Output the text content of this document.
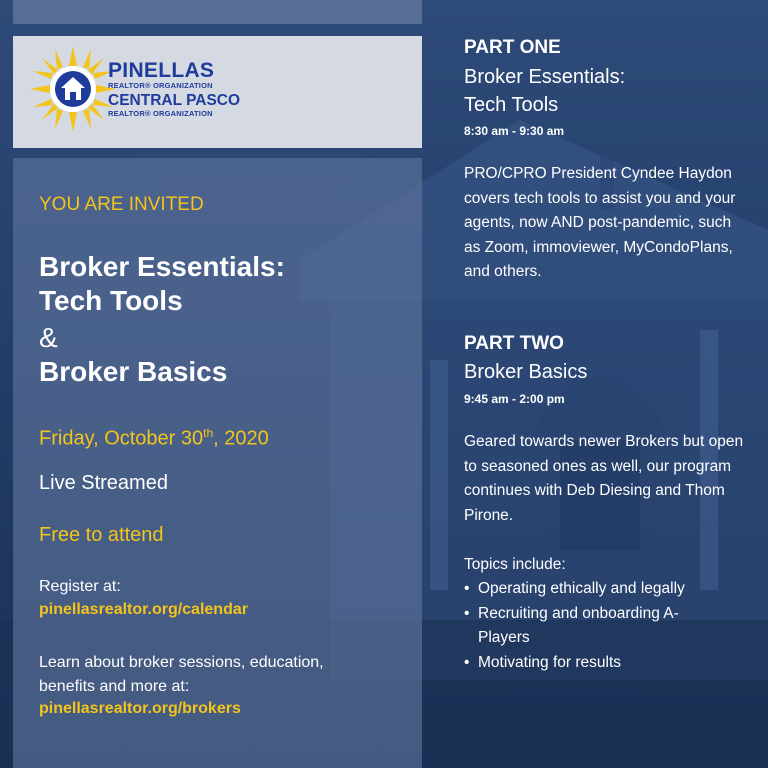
PINELLAS
REALTOR® ORGANIZATION
CENTRAL PASCO
REALTOR® ORGANIZATION
YOU ARE INVITED
Broker Essentials:
Tech Tools
&
Broker Basics
Friday, October 30th, 2020
Live Streamed
Free to attend
Register at:
pinellasrealtor.org/calendar
Learn about broker sessions, education, benefits and more at:
pinellasrealtor.org/brokers
PART ONE
Broker Essentials:
Tech Tools
8:30 am - 9:30 am
PRO/CPRO President Cyndee Haydon covers tech tools to assist you and your agents, now AND post-pandemic, such as Zoom, immoviewer, MyCondoPlans, and others.
PART TWO
Broker Basics
9:45 am - 2:00 pm
Geared towards newer Brokers but open to seasoned ones as well, our program continues with Deb Diesing and Thom Pirone.
Topics include:
• Operating ethically and legally
• Recruiting and onboarding A-Players
• Motivating for results
